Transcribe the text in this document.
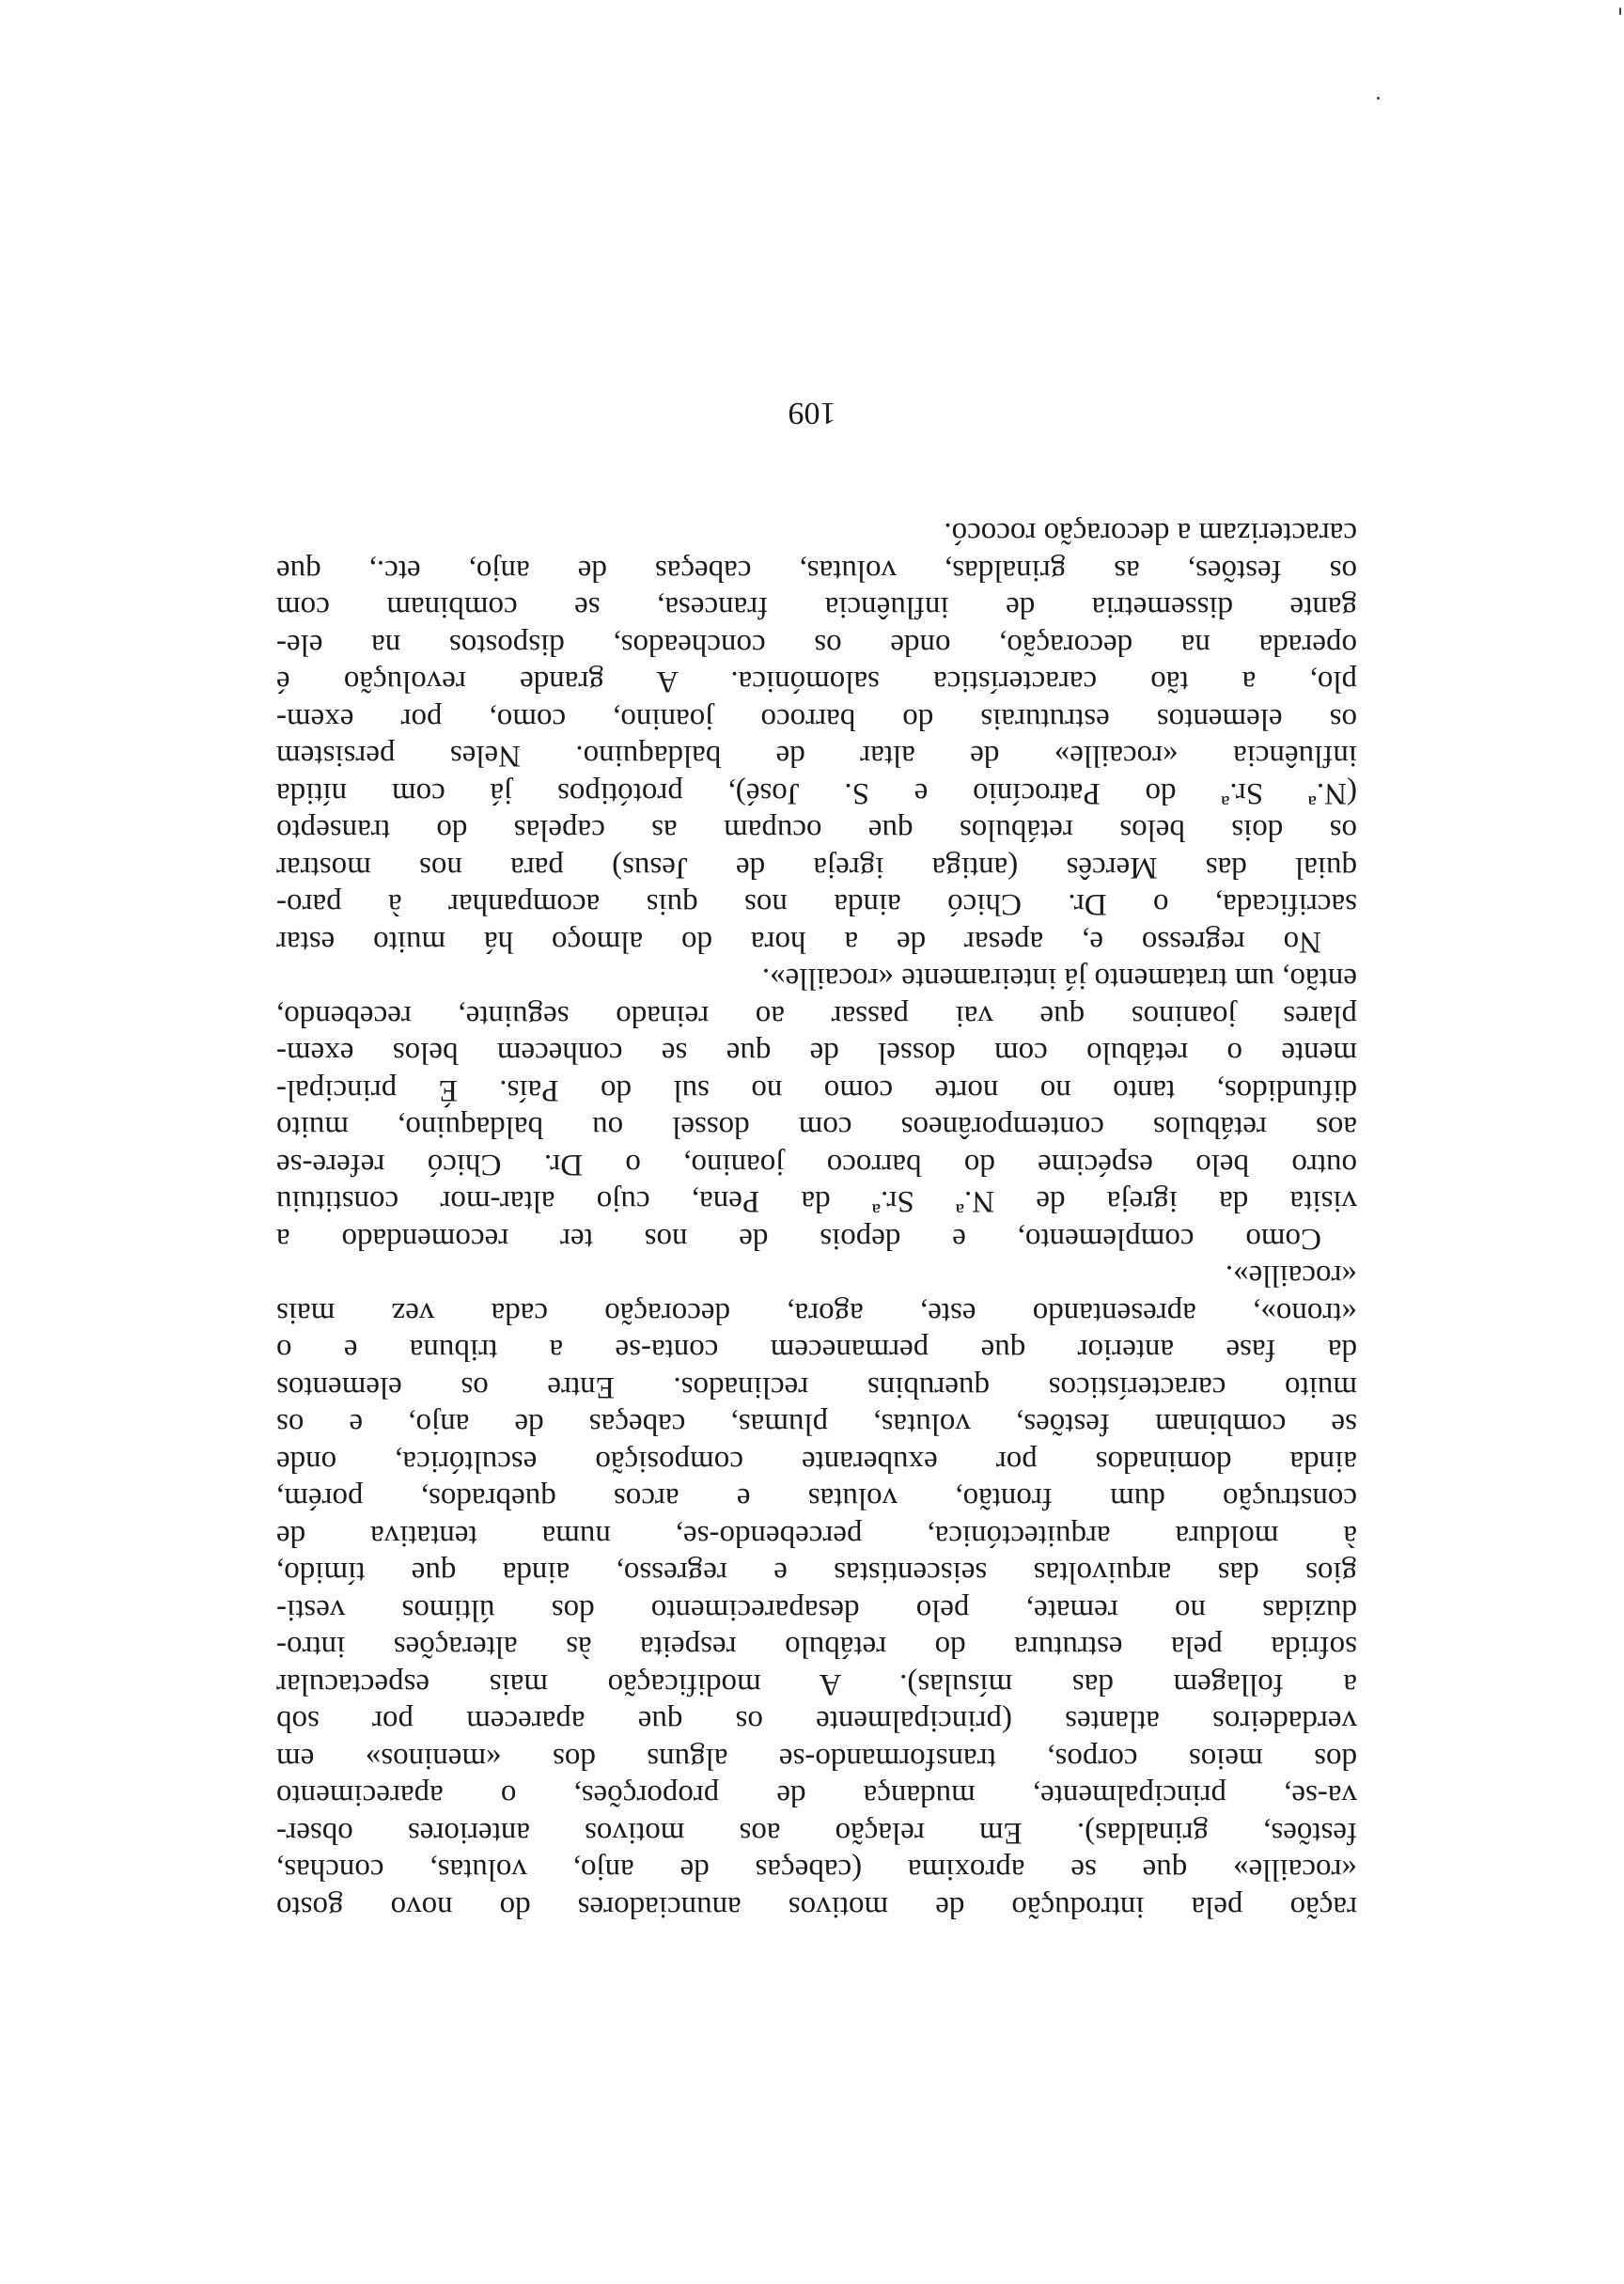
ração pela introdução de motivos anunciadores do novo gosto
«rocaille» que se aproxima (cabeças de anjo, volutas, conchas,
festões, grinaldas). Em relação aos motivos anteriores obser-
va-se, principalmente, mudança de proporções, o aparecimento
dos meios corpos, transformando-se alguns dos «meninos» em
verdadeiros atlantes (principalmente os que aparecem por sob
a follagem das mísulas). A modificação mais espectacular
sofrida pela estrutura do retábulo respeita às alterações intro-
duzidas no remate, pelo desaparecimento dos últimos vesti-
gios das arquivoltas seiscentistas e regresso, ainda que tímido,
à moldura arquitectónica, percebendo-se, numa tentativa de
construção dum frontão, volutas e arcos quebrados, porém,
ainda dominados por exuberante composição escultórica, onde
se combinam festões, volutas, plumas, cabeças de anjo, e os
muito característicos querubins reclinados. Entre os elementos
da fase anterior que permanecem conta-se a tribuna e o
«trono», apresentando este, agora, decoração cada vez mais
«rocaille».
Como complemento, e depois de nos ter recomendado a
visita da igreja de N.ª Sr.ª da Pena, cujo altar-mor constituiu
outro belo espécime do barroco joanino, o Dr. Chicó refere-se
aos retábulos contemporâneos com dossel ou baldaquino, muito
difundidos, tanto no norte como no sul do País. É principal-
mente o retábulo com dossel de que se conhecem belos exem-
plares joaninos que vai passar ao reinado seguinte, recebendo,
então, um tratamento já inteiramente «rocaille».
No regresso e, apesar de a hora do almoço há muito estar
sacrificada, o Dr. Chicó ainda nos quis acompanhar à paro-
quial das Mercês (antiga igreja de Jesus) para nos mostrar
os dois belos retábulos que ocupam as capelas do transepto
(N.ª Sr.ª do Patrocínio e S. José), protótipos já com nítida
influência «rocaille» de altar de baldaquino. Neles persistem
os elementos estruturais do barroco joanino, como, por exem-
plo, a tão característica salomónica. A grande revolução é
operada na decoração, onde os concheados, dispostos na ele-
gante dissemetria de influência francesa, se combinam com
os festões, as grinaldas, volutas, cabeças de anjo, etc., que
caracterizam a decoração rococó.
109
